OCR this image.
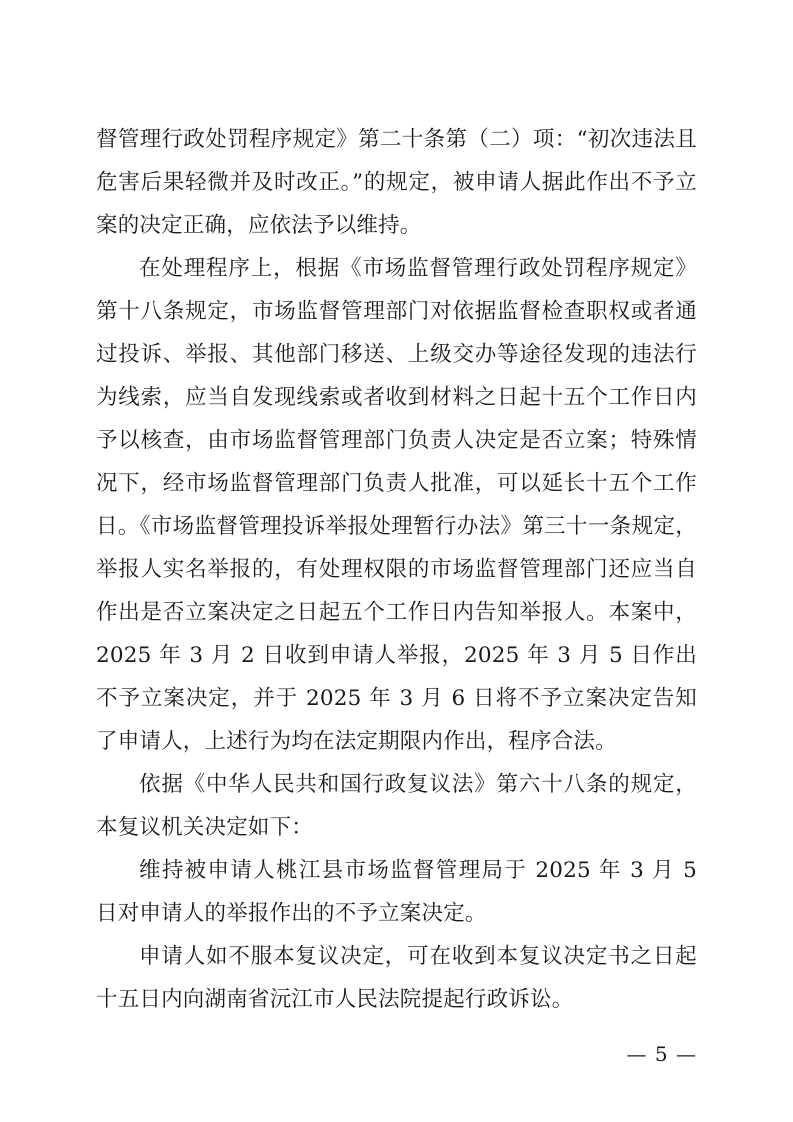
督管理行政处罚程序规定》第二十条第（二）项：“初次违法且危害后果轻微并及时改正。”的规定，被申请人据此作出不予立案的决定正确，应依法予以维持。

在处理程序上，根据《市场监督管理行政处罚程序规定》第十八条规定，市场监督管理部门对依据监督检查职权或者通过投诉、举报、其他部门移送、上级交办等途径发现的违法行为线索，应当自发现线索或者收到材料之日起十五个工作日内予以核查，由市场监督管理部门负责人决定是否立案；特殊情况下，经市场监督管理部门负责人批准，可以延长十五个工作日。《市场监督管理投诉举报处理暂行办法》第三十一条规定，举报人实名举报的，有处理权限的市场监督管理部门还应当自作出是否立案决定之日起五个工作日内告知举报人。本案中，2025 年 3 月 2 日收到申请人举报，2025 年 3 月 5 日作出不予立案决定，并于 2025 年 3 月 6 日将不予立案决定告知了申请人，上述行为均在法定期限内作出，程序合法。

依据《中华人民共和国行政复议法》第六十八条的规定，本复议机关决定如下：

维持被申请人桃江县市场监督管理局于 2025 年 3 月 5 日对申请人的举报作出的不予立案决定。

申请人如不服本复议决定，可在收到本复议决定书之日起十五日内向湖南省沅江市人民法院提起行政诉讼。

— 5 —
